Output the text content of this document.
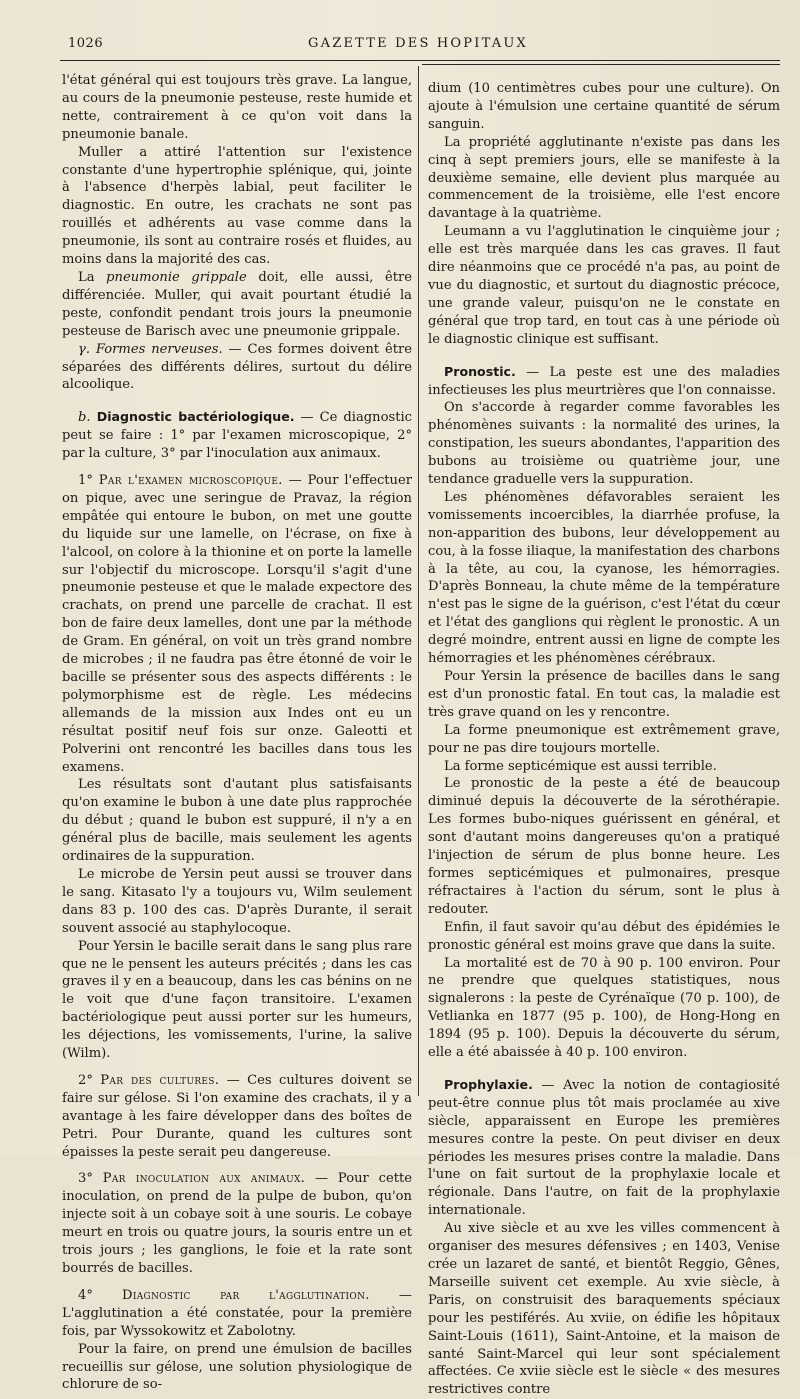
1026	GAZETTE DES HOPITAUX

l'état général qui est toujours très grave. La langue, au cours de la pneumonie pesteuse, reste humide et nette, contrairement à ce qu'on voit dans la pneumonie banale.

Muller a attiré l'attention sur l'existence constante d'une hypertrophie splénique, qui, jointe à l'absence d'herpès labial, peut faciliter le diagnostic. En outre, les crachats ne sont pas rouillés et adhérents au vase comme dans la pneumonie, ils sont au contraire rosés et fluides, au moins dans la majorité des cas.

La pneumonie grippale doit, elle aussi, être différenciée. Muller, qui avait pourtant étudié la peste, confondit pendant trois jours la pneumonie pesteuse de Barisch avec une pneumonie grippale.

γ. Formes nerveuses. — Ces formes doivent être séparées des différents délires, surtout du délire alcoolique.

b. Diagnostic bactériologique. — Ce diagnostic peut se faire : 1° par l'examen microscopique, 2° par la culture, 3° par l'inoculation aux animaux.

1° Par l'examen microscopique. — Pour l'effectuer on pique, avec une seringue de Pravaz, la région empâtée qui entoure le bubon, on met une goutte du liquide sur une lamelle, on l'écrase, on fixe à l'alcool, on colore à la thionine et on porte la lamelle sur l'objectif du microscope. Lorsqu'il s'agit d'une pneumonie pesteuse et que le malade expectore des crachats, on prend une parcelle de crachat. Il est bon de faire deux lamelles, dont une par la méthode de Gram. En général, on voit un très grand nombre de microbes ; il ne faudra pas être étonné de voir le bacille se présenter sous des aspects différents : le polymorphisme est de règle. Les médecins allemands de la mission aux Indes ont eu un résultat positif neuf fois sur onze. Galeotti et Polverini ont rencontré les bacilles dans tous les examens.

Les résultats sont d'autant plus satisfaisants qu'on examine le bubon à une date plus rapprochée du début ; quand le bubon est suppuré, il n'y a en général plus de bacille, mais seulement les agents ordinaires de la suppuration.

Le microbe de Yersin peut aussi se trouver dans le sang. Kitasato l'y a toujours vu, Wilm seulement dans 83 p. 100 des cas. D'après Durante, il serait souvent associé au staphylocoque.

Pour Yersin le bacille serait dans le sang plus rare que ne le pensent les auteurs précités ; dans les cas graves il y en a beaucoup, dans les cas bénins on ne le voit que d'une façon transitoire. L'examen bactériologique peut aussi porter sur les humeurs, les déjections, les vomissements, l'urine, la salive (Wilm).

2° Par des cultures. — Ces cultures doivent se faire sur gélose. Si l'on examine des crachats, il y a avantage à les faire développer dans des boîtes de Petri. Pour Durante, quand les cultures sont épaisses la peste serait peu dangereuse.

3° Par inoculation aux animaux. — Pour cette inoculation, on prend de la pulpe de bubon, qu'on injecte soit à un cobaye soit à une souris. Le cobaye meurt en trois ou quatre jours, la souris entre un et trois jours ; les ganglions, le foie et la rate sont bourrés de bacilles.

4° Diagnostic par l'agglutination. — L'agglutination a été constatée, pour la première fois, par Wyssokowitz et Zabolotny.

Pour la faire, on prend une émulsion de bacilles recueillis sur gélose, une solution physiologique de chlorure de so-

dium (10 centimètres cubes pour une culture). On ajoute à l'émulsion une certaine quantité de sérum sanguin.

La propriété agglutinante n'existe pas dans les cinq à sept premiers jours, elle se manifeste à la deuxième semaine, elle devient plus marquée au commencement de la troisième, elle l'est encore davantage à la quatrième.

Leumann a vu l'agglutination le cinquième jour ; elle est très marquée dans les cas graves. Il faut dire néanmoins que ce procédé n'a pas, au point de vue du diagnostic, et surtout du diagnostic précoce, une grande valeur, puisqu'on ne le constate en général que trop tard, en tout cas à une période où le diagnostic clinique est suffisant.

Pronostic. — La peste est une des maladies infectieuses les plus meurtrières que l'on connaisse.

On s'accorde à regarder comme favorables les phénomènes suivants : la normalité des urines, la constipation, les sueurs abondantes, l'apparition des bubons au troisième ou quatrième jour, une tendance graduelle vers la suppuration.

Les phénomènes défavorables seraient les vomissements incoercibles, la diarrhée profuse, la non-apparition des bubons, leur développement au cou, à la fosse iliaque, la manifestation des charbons à la tête, au cou, la cyanose, les hémorragies. D'après Bonneau, la chute même de la température n'est pas le signe de la guérison, c'est l'état du cœur et l'état des ganglions qui règlent le pronostic. A un degré moindre, entrent aussi en ligne de compte les hémorragies et les phénomènes cérébraux.

Pour Yersin la présence de bacilles dans le sang est d'un pronostic fatal. En tout cas, la maladie est très grave quand on les y rencontre.

La forme pneumonique est extrêmement grave, pour ne pas dire toujours mortelle.

La forme septicémique est aussi terrible.

Le pronostic de la peste a été de beaucoup diminué depuis la découverte de la sérothérapie. Les formes bubo-niques guérissent en général, et sont d'autant moins dangereuses qu'on a pratiqué l'injection de sérum de plus bonne heure. Les formes septicémiques et pulmonaires, presque réfractaires à l'action du sérum, sont le plus à redouter.

Enfin, il faut savoir qu'au début des épidémies le pronostic général est moins grave que dans la suite.

La mortalité est de 70 à 90 p. 100 environ. Pour ne prendre que quelques statistiques, nous signalerons : la peste de Cyrénaïque (70 p. 100), de Vetlianka en 1877 (95 p. 100), de Hong-Hong en 1894 (95 p. 100). Depuis la découverte du sérum, elle a été abaissée à 40 p. 100 environ.

Prophylaxie. — Avec la notion de contagiosité peut-être connue plus tôt mais proclamée au xive siècle, apparaissent en Europe les premières mesures contre la peste. On peut diviser en deux périodes les mesures prises contre la maladie. Dans l'une on fait surtout de la prophylaxie locale et régionale. Dans l'autre, on fait de la prophylaxie internationale.

Au xive siècle et au xve les villes commencent à organiser des mesures défensives ; en 1403, Venise crée un lazaret de santé, et bientôt Reggio, Gênes, Marseille suivent cet exemple. Au xvie siècle, à Paris, on construisit des baraquements spéciaux pour les pestiférés. Au xviie, on édifie les hôpitaux Saint-Louis (1611), Saint-Antoine, et la maison de santé Saint-Marcel qui leur sont spécialement affectées. Ce xviie siècle est le siècle « des mesures restrictives contre
